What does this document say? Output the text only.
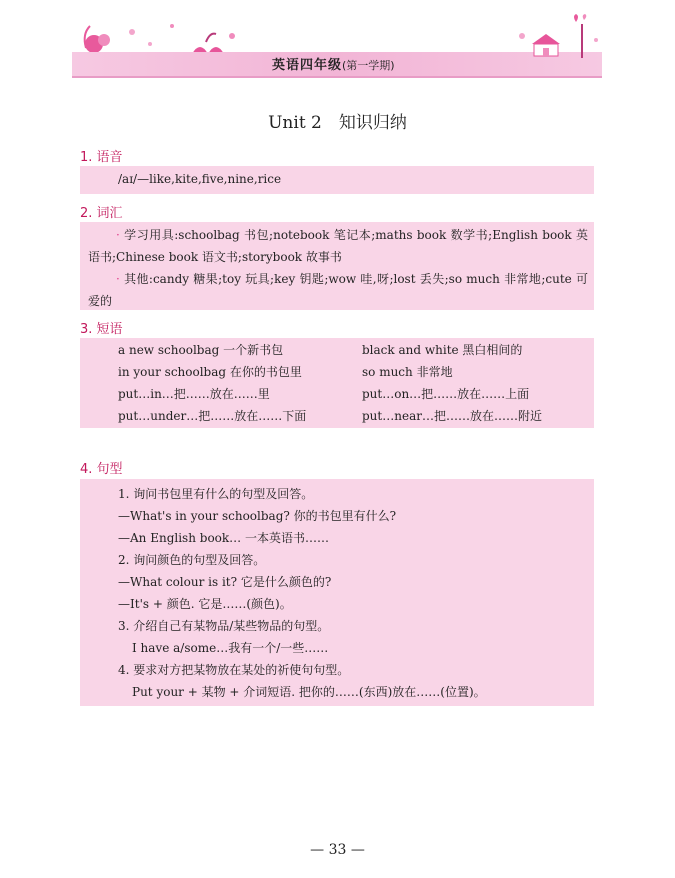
英语四年级(第一学期)
Unit 2　知识归纳
1. 语音
/aɪ/—like,kite,five,nine,rice
2. 词汇
· 学习用具:schoolbag 书包;notebook 笔记本;maths book 数学书;English book 英语书;Chinese book 语文书;storybook 故事书
· 其他:candy 糖果;toy 玩具;key 钥匙;wow 哇,呀;lost 丢失;so much 非常地;cute 可爱的
3. 短语
a new schoolbag 一个新书包	black and white 黑白相间的
in your schoolbag 在你的书包里	so much 非常地
put…in…把……放在……里	put…on…把……放在……上面
put…under…把……放在……下面	put…near…把……放在……附近
4. 句型
1. 询问书包里有什么的句型及回答。
—What's in your schoolbag? 你的书包里有什么?
—An English book… 一本英语书……
2. 询问颜色的句型及回答。
—What colour is it? 它是什么颜色的?
—It's + 颜色. 它是……(颜色)。
3. 介绍自己有某物品/某些物品的句型。
I have a/some…我有一个/一些……
4. 要求对方把某物放在某处的祈使句句型。
Put your + 某物 + 介词短语. 把你的……(东西)放在……(位置)。
— 33 —
